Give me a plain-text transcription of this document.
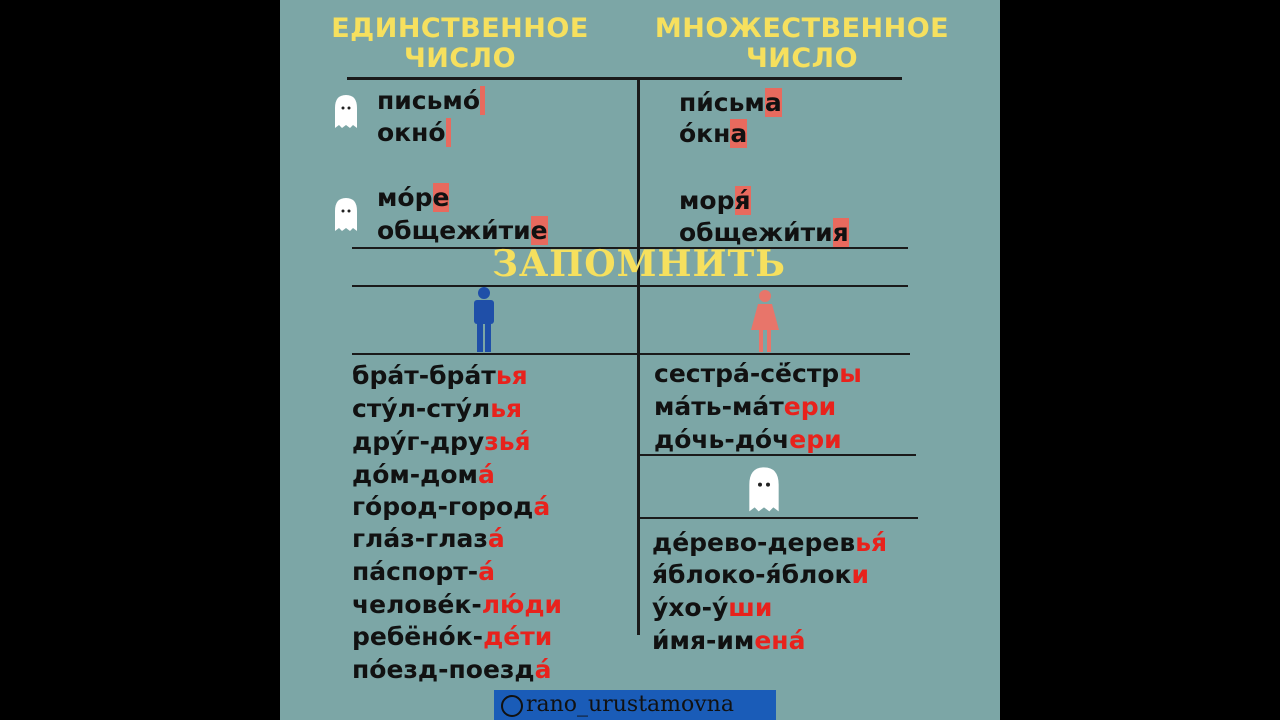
ЕДИНСТВЕННОЕ ЧИСЛО
МНОЖЕСТВЕННОЕ ЧИСЛО
письмо́ 
окно́ 
мо́ре
общежи́тие
пи́сьма
о́кна
моря́
общежи́тия
ЗАПОМНИТЬ
бра́т-бра́тья
сту́л-сту́лья
дру́г-друзья́
до́м-дома́
го́род-города́
гла́з-глаза́
па́спорт-а́
челове́к-лю́ди
ребёно́к-де́ти
по́езд-поезда́
сестра́-сё́стры
ма́ть-ма́тери
до́чь-до́чери
де́рево-деревья́
я́блоко-я́блоки
у́хо-у́ши
и́мя-имена́
rano_urustamovna
